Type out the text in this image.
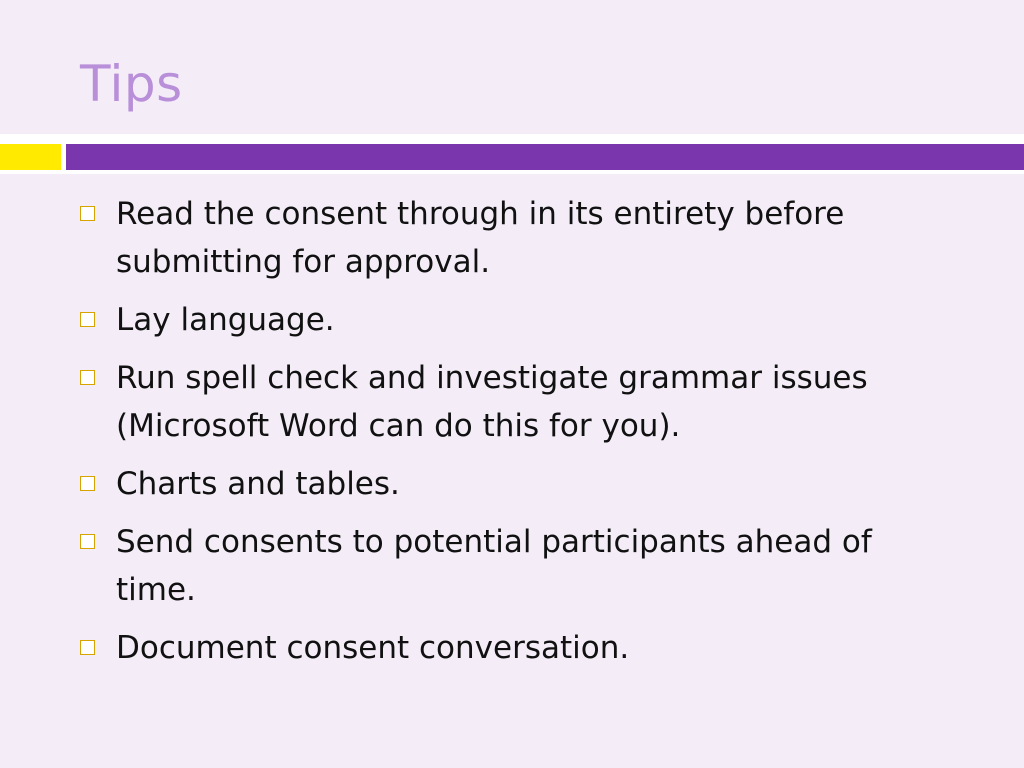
Tips
Read the consent through in its entirety before submitting for approval.
Lay language.
Run spell check and investigate grammar issues (Microsoft Word can do this for you).
Charts and tables.
Send consents to potential participants ahead of time.
Document consent conversation.
